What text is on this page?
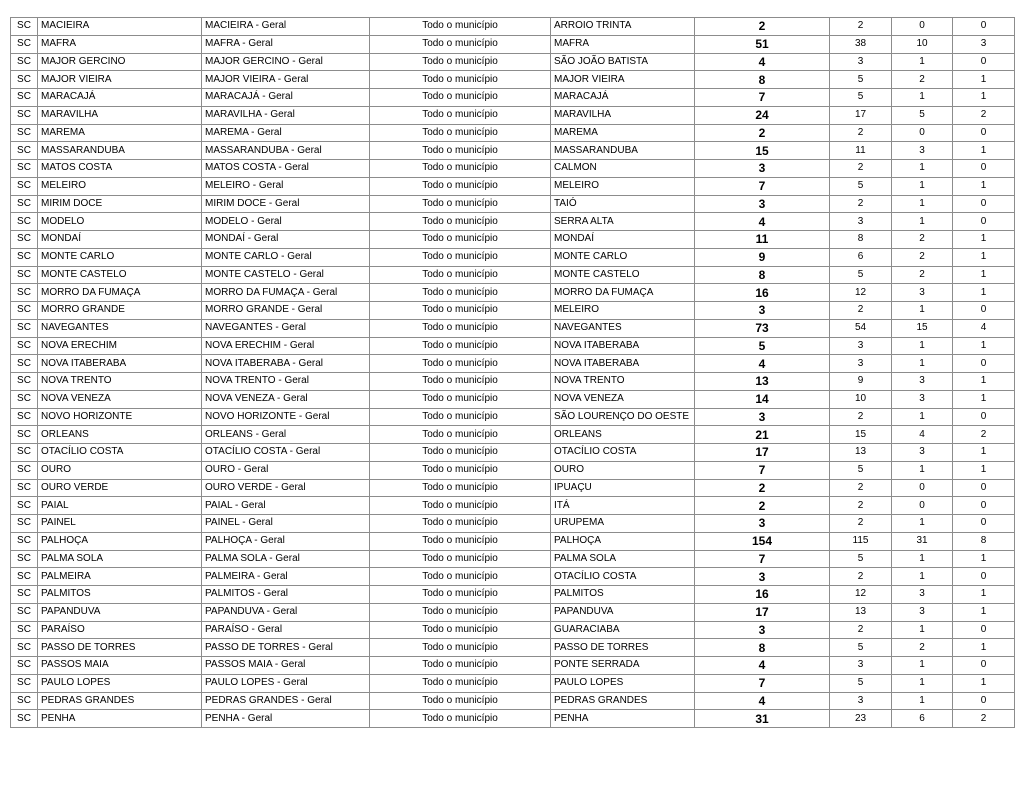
SC	MACIEIRA	MACIEIRA - Geral	Todo o município	ARROIO TRINTA	2	2	0	0
SC	MAFRA	MAFRA - Geral	Todo o município	MAFRA	51	38	10	3
SC	MAJOR GERCINO	MAJOR GERCINO - Geral	Todo o município	SÃO JOÃO BATISTA	4	3	1	0
SC	MAJOR VIEIRA	MAJOR VIEIRA - Geral	Todo o município	MAJOR VIEIRA	8	5	2	1
SC	MARACAJÁ	MARACAJÁ - Geral	Todo o município	MARACAJÁ	7	5	1	1
SC	MARAVILHA	MARAVILHA - Geral	Todo o município	MARAVILHA	24	17	5	2
SC	MAREMA	MAREMA - Geral	Todo o município	MAREMA	2	2	0	0
SC	MASSARANDUBA	MASSARANDUBA - Geral	Todo o município	MASSARANDUBA	15	11	3	1
SC	MATOS COSTA	MATOS COSTA - Geral	Todo o município	CALMON	3	2	1	0
SC	MELEIRO	MELEIRO - Geral	Todo o município	MELEIRO	7	5	1	1
SC	MIRIM DOCE	MIRIM DOCE - Geral	Todo o município	TAIÓ	3	2	1	0
SC	MODELO	MODELO - Geral	Todo o município	SERRA ALTA	4	3	1	0
SC	MONDAÍ	MONDAÍ - Geral	Todo o município	MONDAÍ	11	8	2	1
SC	MONTE CARLO	MONTE CARLO - Geral	Todo o município	MONTE CARLO	9	6	2	1
SC	MONTE CASTELO	MONTE CASTELO - Geral	Todo o município	MONTE CASTELO	8	5	2	1
SC	MORRO DA FUMAÇA	MORRO DA FUMAÇA - Geral	Todo o município	MORRO DA FUMAÇA	16	12	3	1
SC	MORRO GRANDE	MORRO GRANDE - Geral	Todo o município	MELEIRO	3	2	1	0
SC	NAVEGANTES	NAVEGANTES - Geral	Todo o município	NAVEGANTES	73	54	15	4
SC	NOVA ERECHIM	NOVA ERECHIM - Geral	Todo o município	NOVA ITABERABA	5	3	1	1
SC	NOVA ITABERABA	NOVA ITABERABA - Geral	Todo o município	NOVA ITABERABA	4	3	1	0
SC	NOVA TRENTO	NOVA TRENTO - Geral	Todo o município	NOVA TRENTO	13	9	3	1
SC	NOVA VENEZA	NOVA VENEZA - Geral	Todo o município	NOVA VENEZA	14	10	3	1
SC	NOVO HORIZONTE	NOVO HORIZONTE - Geral	Todo o município	SÃO LOURENÇO DO OESTE	3	2	1	0
SC	ORLEANS	ORLEANS - Geral	Todo o município	ORLEANS	21	15	4	2
SC	OTACÍLIO COSTA	OTACÍLIO COSTA - Geral	Todo o município	OTACÍLIO COSTA	17	13	3	1
SC	OURO	OURO - Geral	Todo o município	OURO	7	5	1	1
SC	OURO VERDE	OURO VERDE - Geral	Todo o município	IPUAÇU	2	2	0	0
SC	PAIAL	PAIAL - Geral	Todo o município	ITÁ	2	2	0	0
SC	PAINEL	PAINEL - Geral	Todo o município	URUPEMA	3	2	1	0
SC	PALHOÇA	PALHOÇA - Geral	Todo o município	PALHOÇA	154	115	31	8
SC	PALMA SOLA	PALMA SOLA - Geral	Todo o município	PALMA SOLA	7	5	1	1
SC	PALMEIRA	PALMEIRA - Geral	Todo o município	OTACÍLIO COSTA	3	2	1	0
SC	PALMITOS	PALMITOS - Geral	Todo o município	PALMITOS	16	12	3	1
SC	PAPANDUVA	PAPANDUVA - Geral	Todo o município	PAPANDUVA	17	13	3	1
SC	PARAÍSO	PARAÍSO - Geral	Todo o município	GUARACIABA	3	2	1	0
SC	PASSO DE TORRES	PASSO DE TORRES - Geral	Todo o município	PASSO DE TORRES	8	5	2	1
SC	PASSOS MAIA	PASSOS MAIA - Geral	Todo o município	PONTE SERRADA	4	3	1	0
SC	PAULO LOPES	PAULO LOPES - Geral	Todo o município	PAULO LOPES	7	5	1	1
SC	PEDRAS GRANDES	PEDRAS GRANDES - Geral	Todo o município	PEDRAS GRANDES	4	3	1	0
SC	PENHA	PENHA - Geral	Todo o município	PENHA	31	23	6	2
